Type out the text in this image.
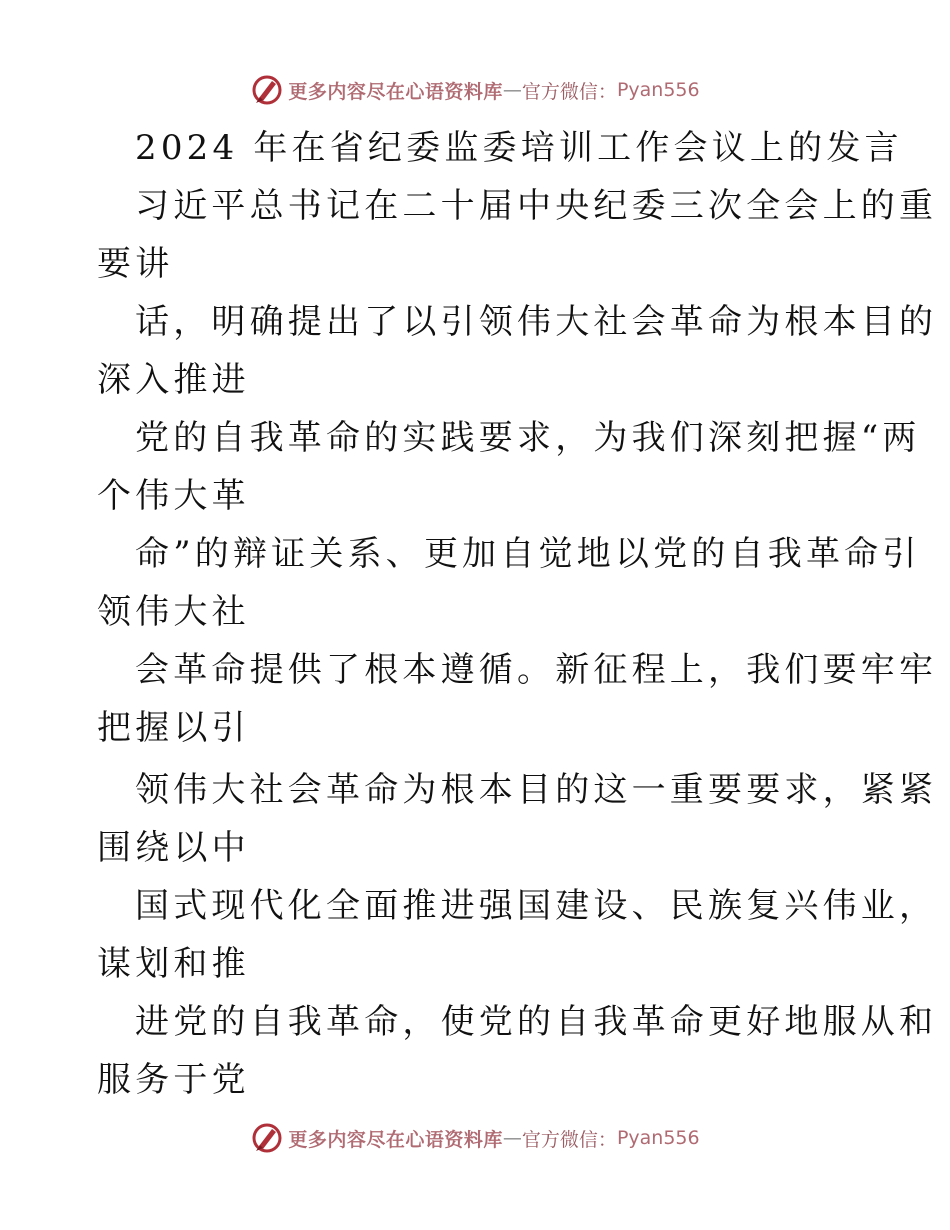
更多内容尽在心语资料库 — 官方微信： Pyan556
2024 年在省纪委监委培训工作会议上的发言
习近平总书记在二十届中央纪委三次全会上的重
要讲
话，明确提出了以引领伟大社会革命为根本目的
深入推进
党的自我革命的实践要求，为我们深刻把握“两
个伟大革
命”的辩证关系、更加自觉地以党的自我革命引
领伟大社
会革命提供了根本遵循。新征程上，我们要牢牢
把握以引
领伟大社会革命为根本目的这一重要要求，紧紧
围绕以中
国式现代化全面推进强国建设、民族复兴伟业，
谋划和推
进党的自我革命，使党的自我革命更好地服从和
服务于党
更多内容尽在心语资料库 — 官方微信： Pyan556
